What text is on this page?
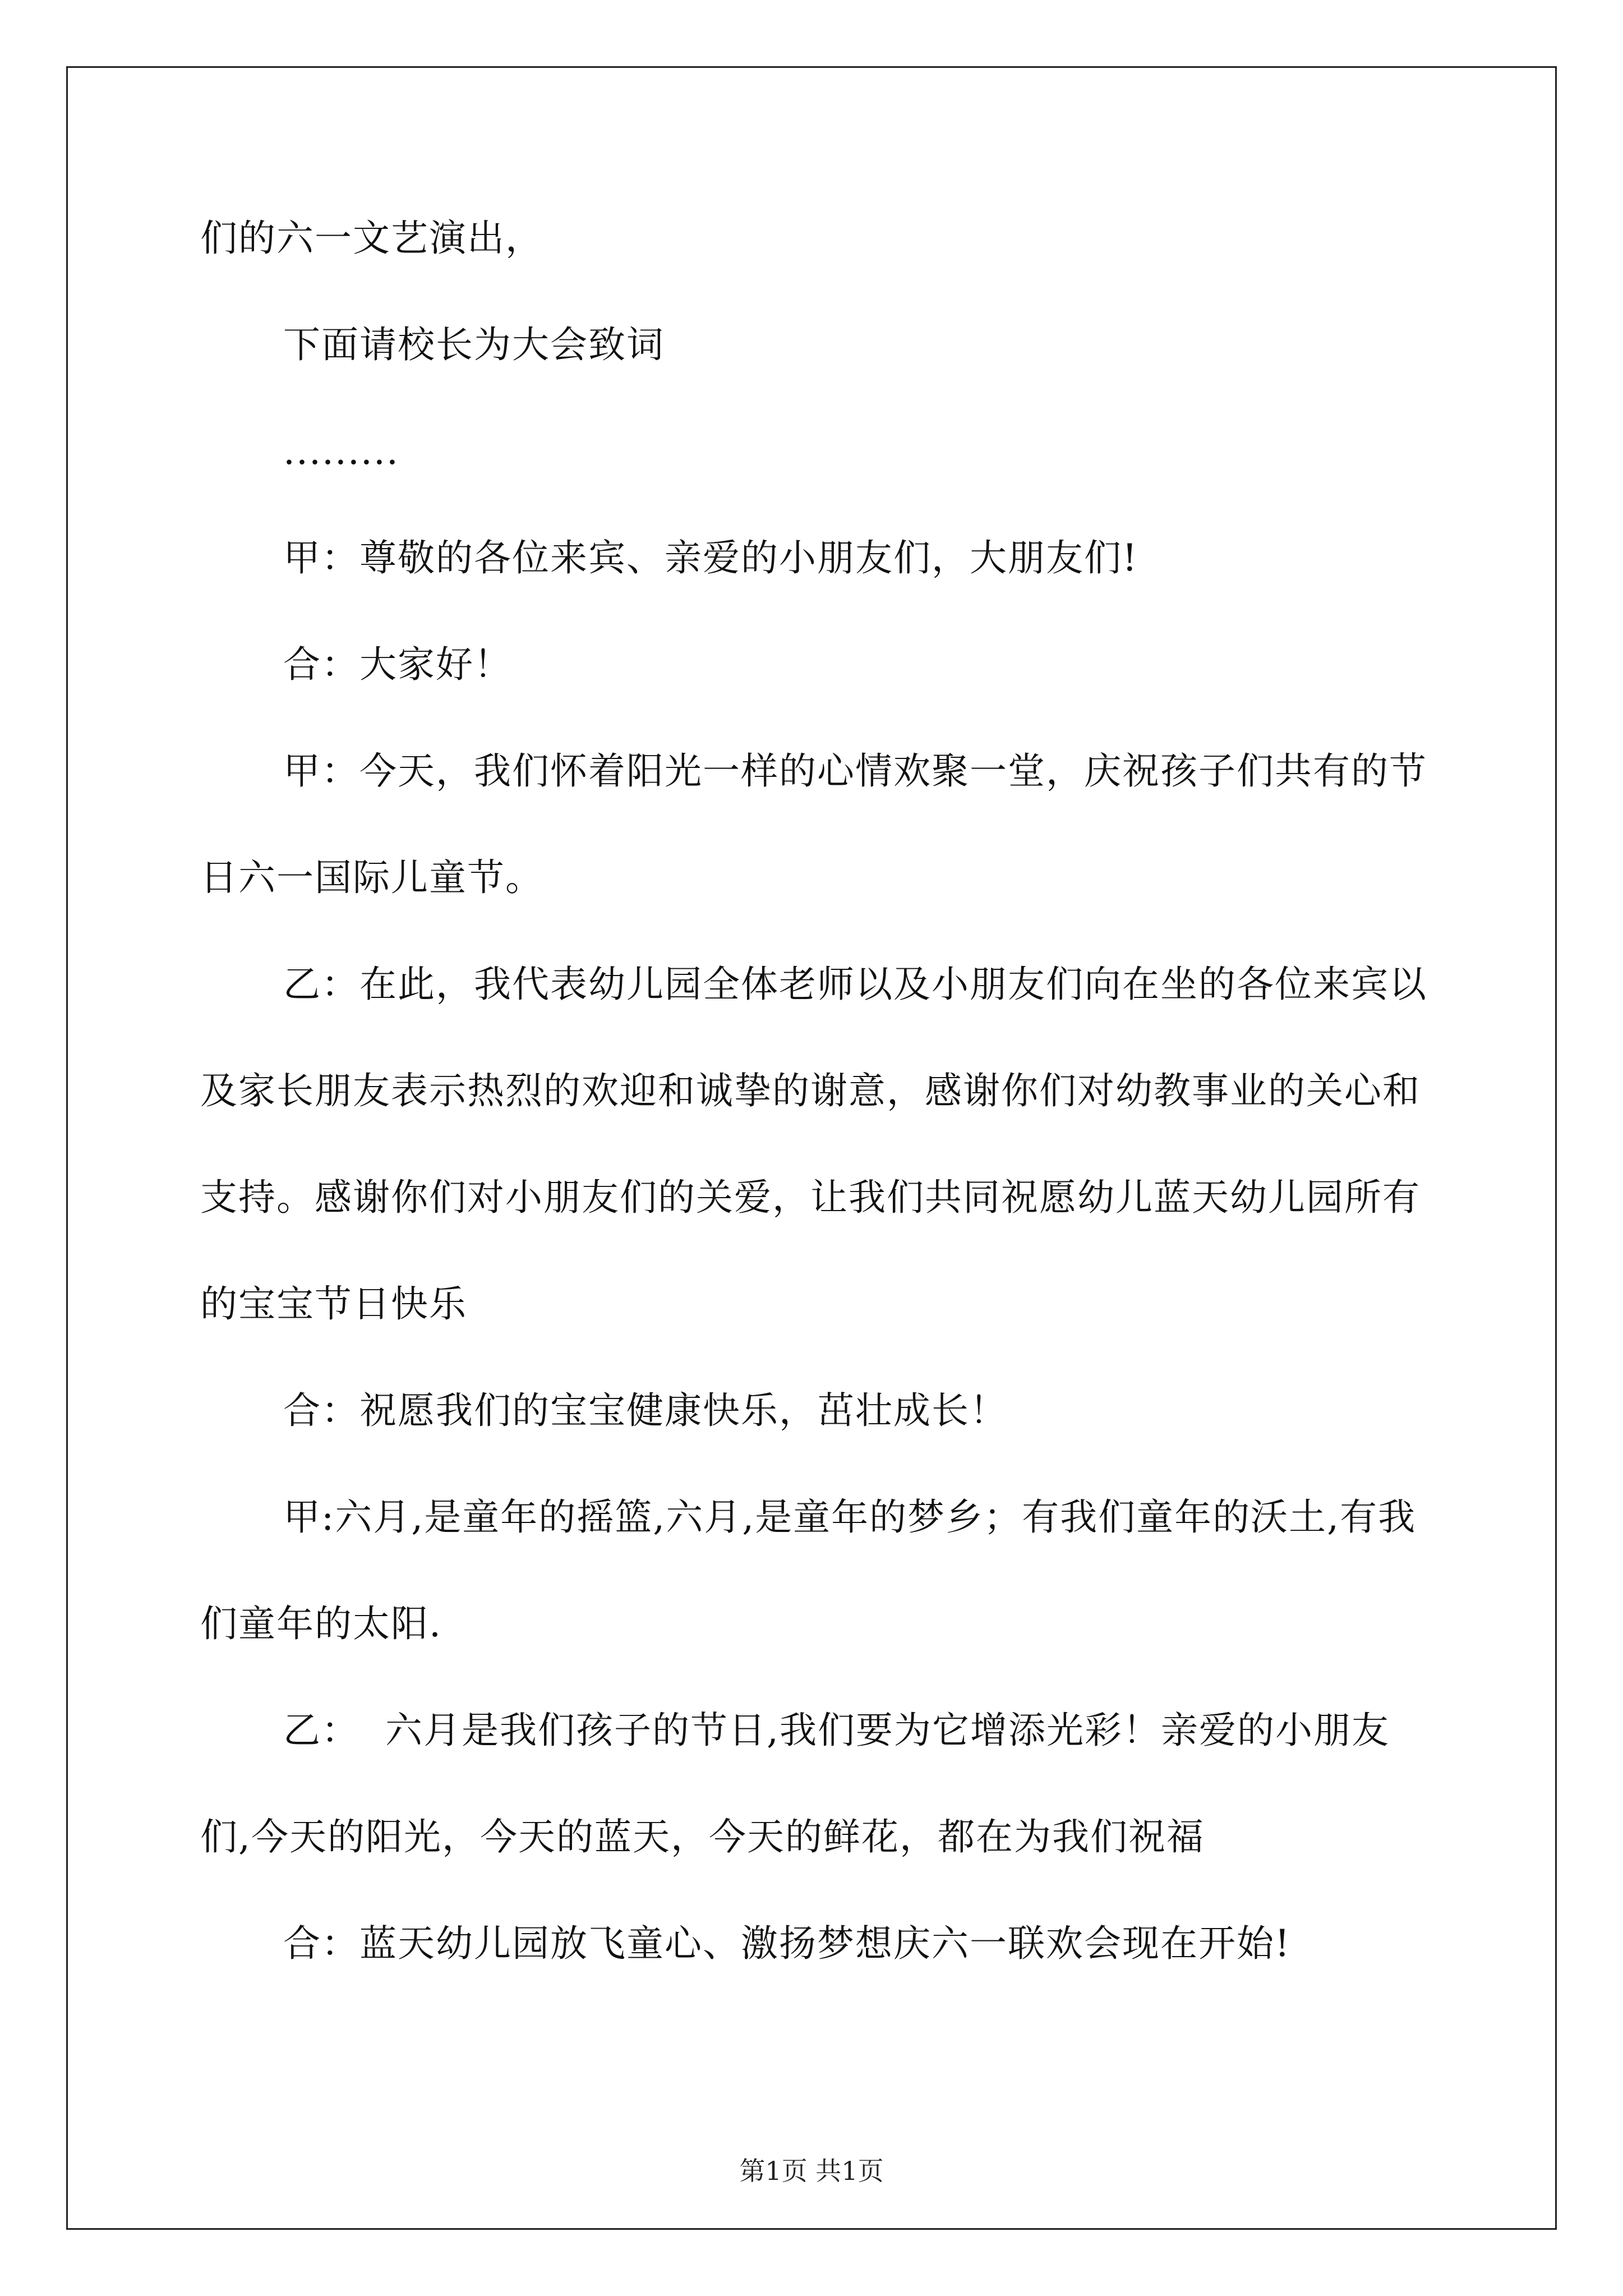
们的六一文艺演出，

下面请校长为大会致词

.........

甲：尊敬的各位来宾、亲爱的小朋友们，大朋友们!

合：大家好！

甲：今天，我们怀着阳光一样的心情欢聚一堂，庆祝孩子们共有的节日六一国际儿童节。

乙：在此，我代表幼儿园全体老师以及小朋友们向在坐的各位来宾以及家长朋友表示热烈的欢迎和诚挚的谢意，感谢你们对幼教事业的关心和支持。感谢你们对小朋友们的关爱，让我们共同祝愿幼儿蓝天幼儿园所有的宝宝节日快乐

合：祝愿我们的宝宝健康快乐，茁壮成长！

甲:六月,是童年的摇篮,六月,是童年的梦乡；有我们童年的沃土,有我们童年的太阳.

乙：  六月是我们孩子的节日,我们要为它增添光彩！亲爱的小朋友们,今天的阳光，今天的蓝天，今天的鲜花，都在为我们祝福

合：蓝天幼儿园放飞童心、激扬梦想庆六一联欢会现在开始!

第1页 共1页
